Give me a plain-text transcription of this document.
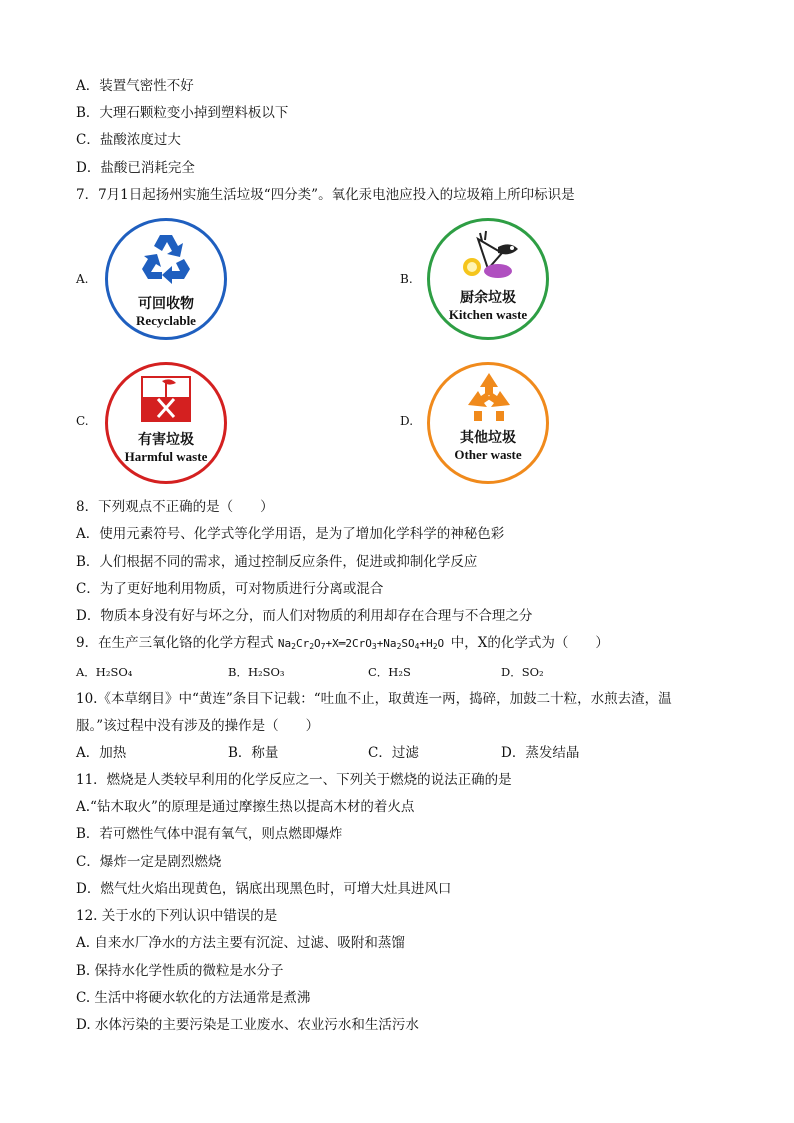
A．装置气密性不好
B．大理石颗粒变小掉到塑料板以下
C．盐酸浓度过大
D．盐酸已消耗完全
7．7月1日起扬州实施生活垃圾“四分类”。氧化汞电池应投入的垃圾箱上所印标识是
A.	B.
C.	D.
可回收物
Recyclable
厨余垃圾
Kitchen waste
有害垃圾
Harmful waste
其他垃圾
Other waste
8．下列观点不正确的是（　　）
A．使用元素符号、化学式等化学用语，是为了增加化学科学的神秘色彩
B．人们根据不同的需求，通过控制反应条件，促进或抑制化学反应
C．为了更好地利用物质，可对物质进行分离或混合
D．物质本身没有好与坏之分，而人们对物质的利用却存在合理与不合理之分
9．在生产三氧化铬的化学方程式 $Na_2Cr_2O_7+X═2CrO_3+Na_2SO_4+H_2O$ 中，X的化学式为（　　）
A．H₂SO₄	B．H₂SO₃	C．H₂S	D．SO₂
10.《本草纲目》中“黄连”条目下记载：“吐血不止，取黄连一两，捣碎，加鼓二十粒，水煎去渣，温
服。”该过程中没有涉及的操作是（　　）
A．加热	B．称量	C．过滤	D．蒸发结晶
11．燃烧是人类较早利用的化学反应之一、下列关于燃烧的说法正确的是
A.“钻木取火”的原理是通过摩擦生热以提高木材的着火点
B．若可燃性气体中混有氧气，则点燃即爆炸
C．爆炸一定是剧烈燃烧
D．燃气灶火焰出现黄色，锅底出现黑色时，可增大灶具进风口
12. 关于水的下列认识中错误的是
A. 自来水厂净水的方法主要有沉淀、过滤、吸附和蒸馏
B. 保持水化学性质的微粒是水分子
C. 生活中将硬水软化的方法通常是煮沸
D. 水体污染的主要污染是工业废水、农业污水和生活污水
